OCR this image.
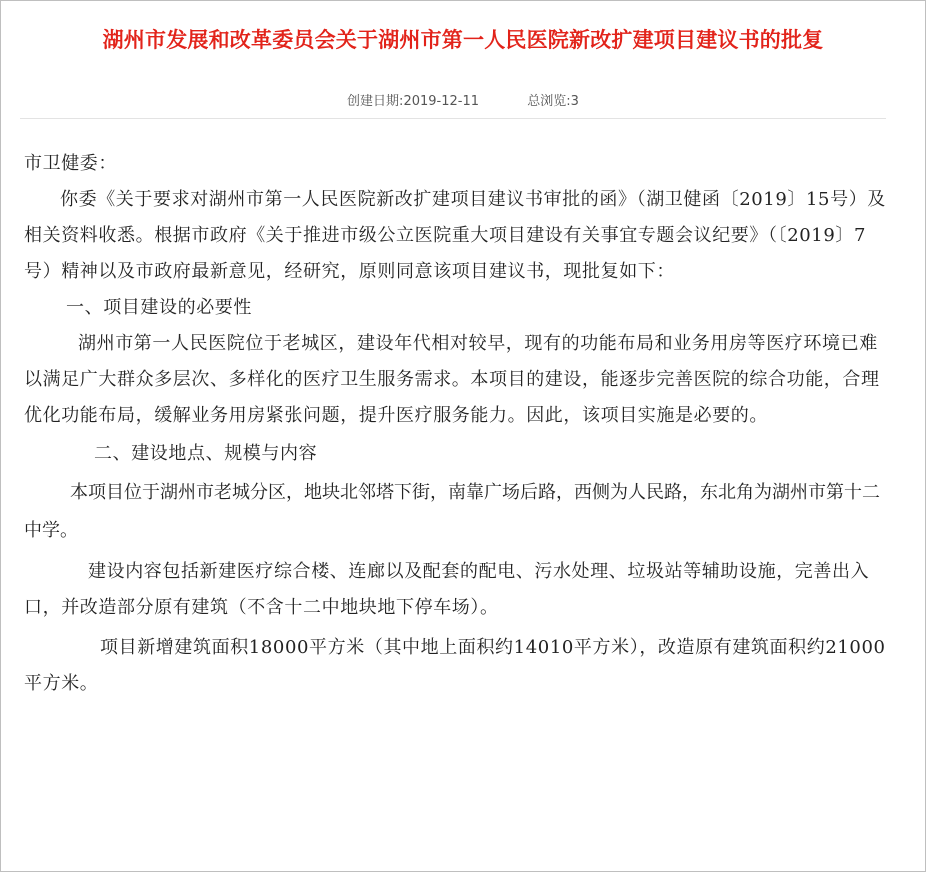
湖州市发展和改革委员会关于湖州市第一人民医院新改扩建项目建议书的批复
创建日期:2019-12-11	总浏览:3

市卫健委：

你委《关于要求对湖州市第一人民医院新改扩建项目建议书审批的函》（湖卫健函〔2019〕15号）及相关资料收悉。根据市政府《关于推进市级公立医院重大项目建设有关事宜专题会议纪要》（〔2019〕7号）精神以及市政府最新意见，经研究，原则同意该项目建议书，现批复如下：

一、项目建设的必要性

湖州市第一人民医院位于老城区，建设年代相对较早，现有的功能布局和业务用房等医疗环境已难以满足广大群众多层次、多样化的医疗卫生服务需求。本项目的建设，能逐步完善医院的综合功能，合理优化功能布局，缓解业务用房紧张问题，提升医疗服务能力。因此，该项目实施是必要的。

二、建设地点、规模与内容

本项目位于湖州市老城分区，地块北邻塔下街，南靠广场后路，西侧为人民路，东北角为湖州市第十二中学。

建设内容包括新建医疗综合楼、连廊以及配套的配电、污水处理、垃圾站等辅助设施，完善出入口，并改造部分原有建筑（不含十二中地块地下停车场）。

项目新增建筑面积18000平方米（其中地上面积约14010平方米），改造原有建筑面积约21000平方米。
